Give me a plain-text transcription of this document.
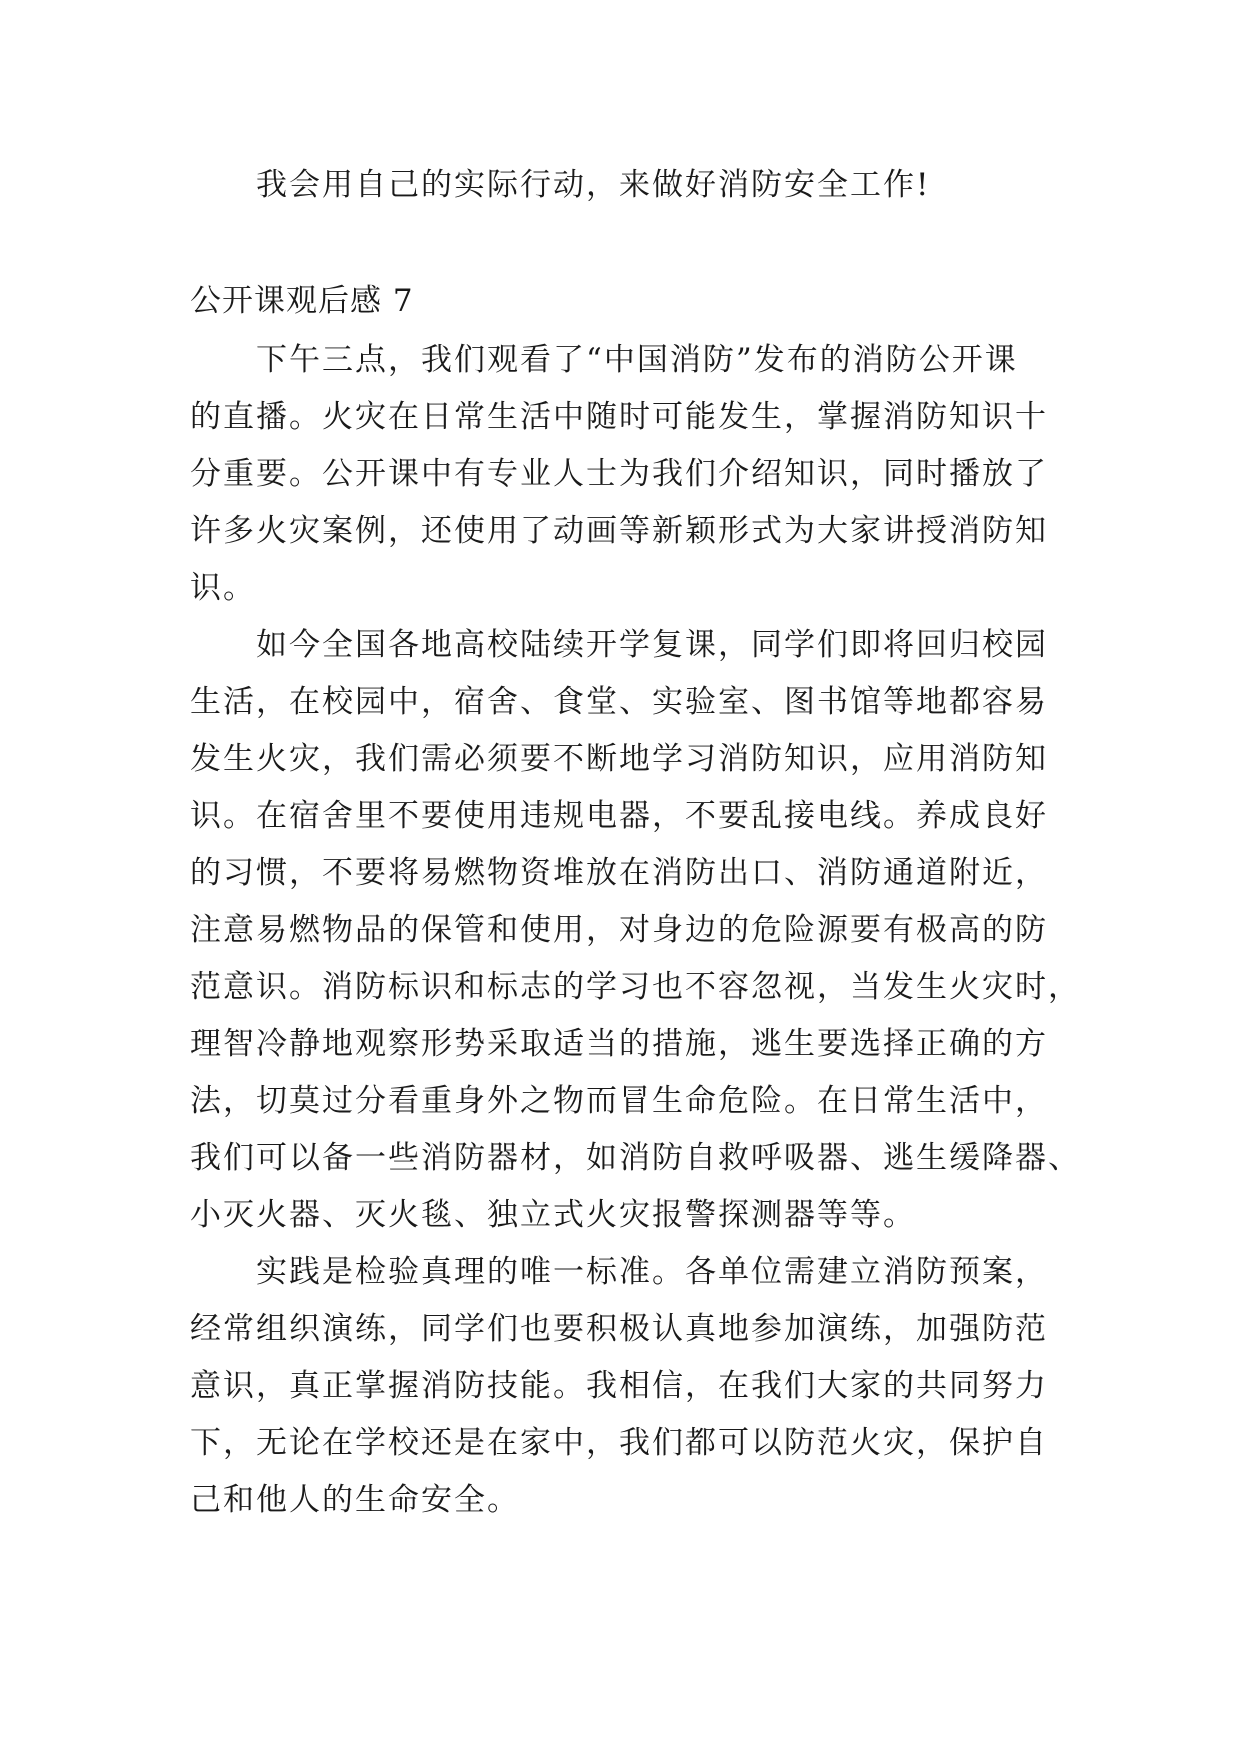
我会用自己的实际行动，来做好消防安全工作!
公开课观后感 7
下午三点，我们观看了“中国消防”发布的消防公开课
的直播。火灾在日常生活中随时可能发生，掌握消防知识十
分重要。公开课中有专业人士为我们介绍知识，同时播放了
许多火灾案例，还使用了动画等新颖形式为大家讲授消防知
识。
如今全国各地高校陆续开学复课，同学们即将回归校园
生活，在校园中，宿舍、食堂、实验室、图书馆等地都容易
发生火灾，我们需必须要不断地学习消防知识，应用消防知
识。在宿舍里不要使用违规电器，不要乱接电线。养成良好
的习惯，不要将易燃物资堆放在消防出口、消防通道附近，
注意易燃物品的保管和使用，对身边的危险源要有极高的防
范意识。消防标识和标志的学习也不容忽视，当发生火灾时，
理智冷静地观察形势采取适当的措施，逃生要选择正确的方
法，切莫过分看重身外之物而冒生命危险。在日常生活中，
我们可以备一些消防器材，如消防自救呼吸器、逃生缓降器、
小灭火器、灭火毯、独立式火灾报警探测器等等。
实践是检验真理的唯一标准。各单位需建立消防预案，
经常组织演练，同学们也要积极认真地参加演练，加强防范
意识，真正掌握消防技能。我相信，在我们大家的共同努力
下，无论在学校还是在家中，我们都可以防范火灾，保护自
己和他人的生命安全。
